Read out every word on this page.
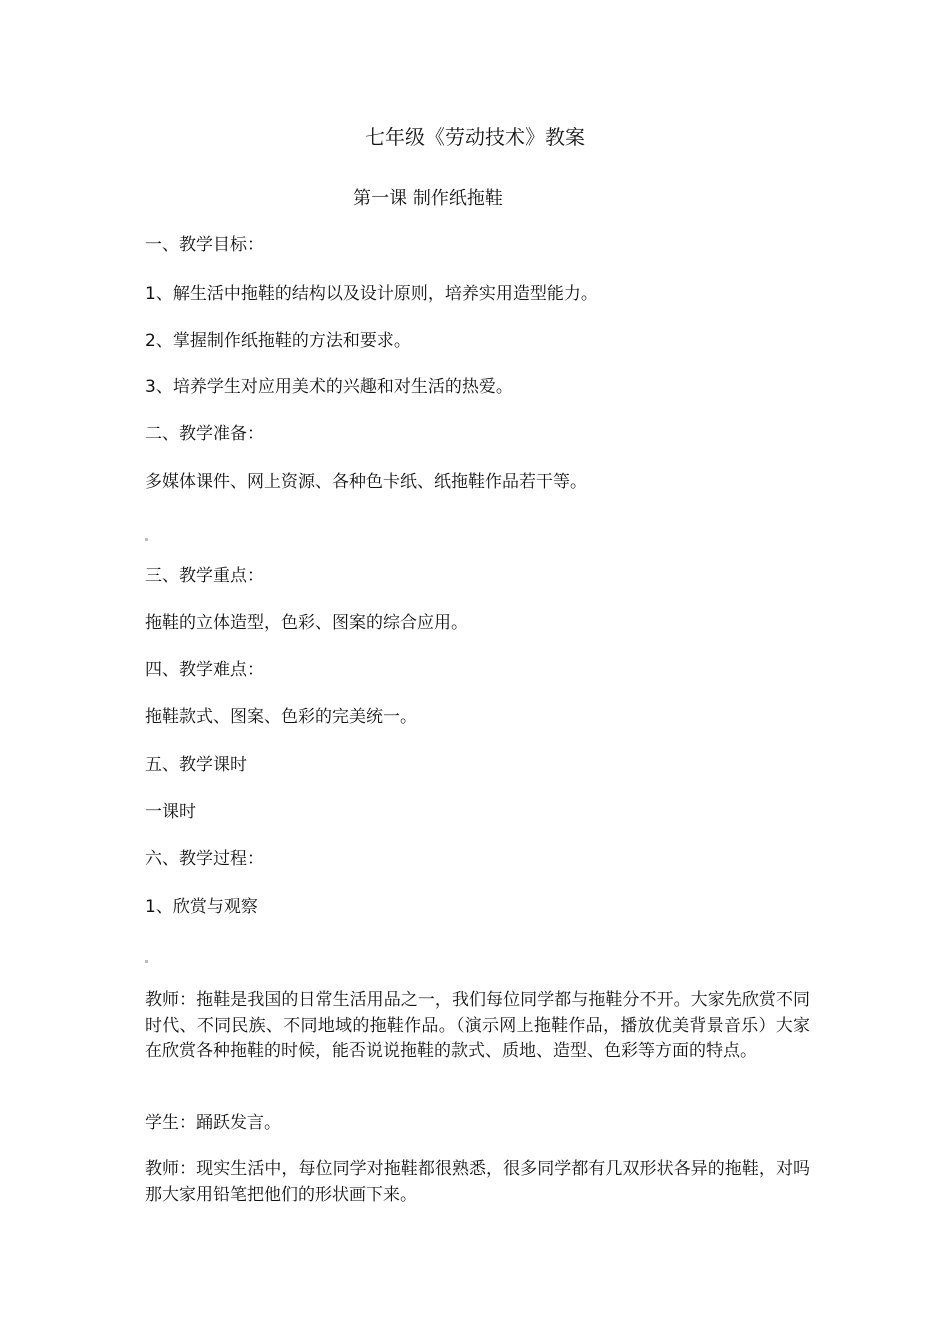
七年级《劳动技术》教案
第一课 制作纸拖鞋
一、教学目标：
1、解生活中拖鞋的结构以及设计原则，培养实用造型能力。
2、掌握制作纸拖鞋的方法和要求。
3、培养学生对应用美术的兴趣和对生活的热爱。
二、教学准备：
多媒体课件、网上资源、各种色卡纸、纸拖鞋作品若干等。
三、教学重点：
拖鞋的立体造型，色彩、图案的综合应用。
四、教学难点：
拖鞋款式、图案、色彩的完美统一。
五、教学课时
一课时
六、教学过程：
1、欣赏与观察
教师：拖鞋是我国的日常生活用品之一，我们每位同学都与拖鞋分不开。大家先欣赏不同时代、不同民族、不同地域的拖鞋作品。（演示网上拖鞋作品，播放优美背景音乐）大家在欣赏各种拖鞋的时候，能否说说拖鞋的款式、质地、造型、色彩等方面的特点。
学生：踊跃发言。
教师：现实生活中，每位同学对拖鞋都很熟悉，很多同学都有几双形状各异的拖鞋，对吗那大家用铅笔把他们的形状画下来。
